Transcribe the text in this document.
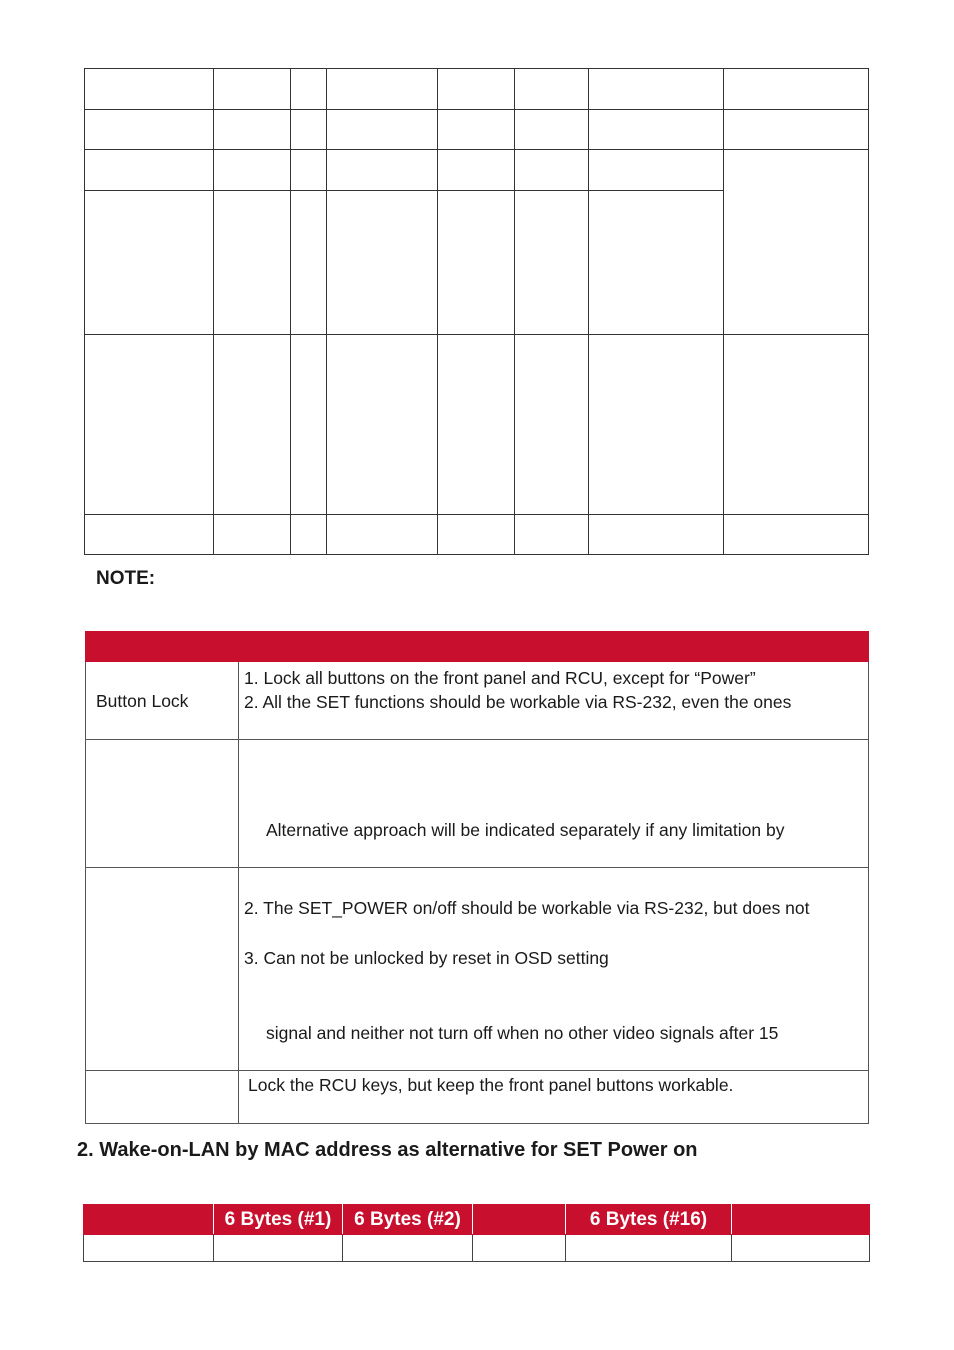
NOTE:

Button Lock	1. Lock all buttons on the front panel and RCU, except for “Power”
2. All the SET functions should be workable via RS-232, even the ones

	Alternative approach will be indicated separately if any limitation by

	2. The SET_POWER on/off should be workable via RS-232, but does not
3. Can not be unlocked by reset in OSD setting
signal and neither not turn off when no other video signals after 15

	Lock the RCU keys, but keep the front panel buttons workable.
2. Wake-on-LAN by MAC address as alternative for SET Power on
	6 Bytes (#1)	6 Bytes (#2)		6 Bytes (#16)	
